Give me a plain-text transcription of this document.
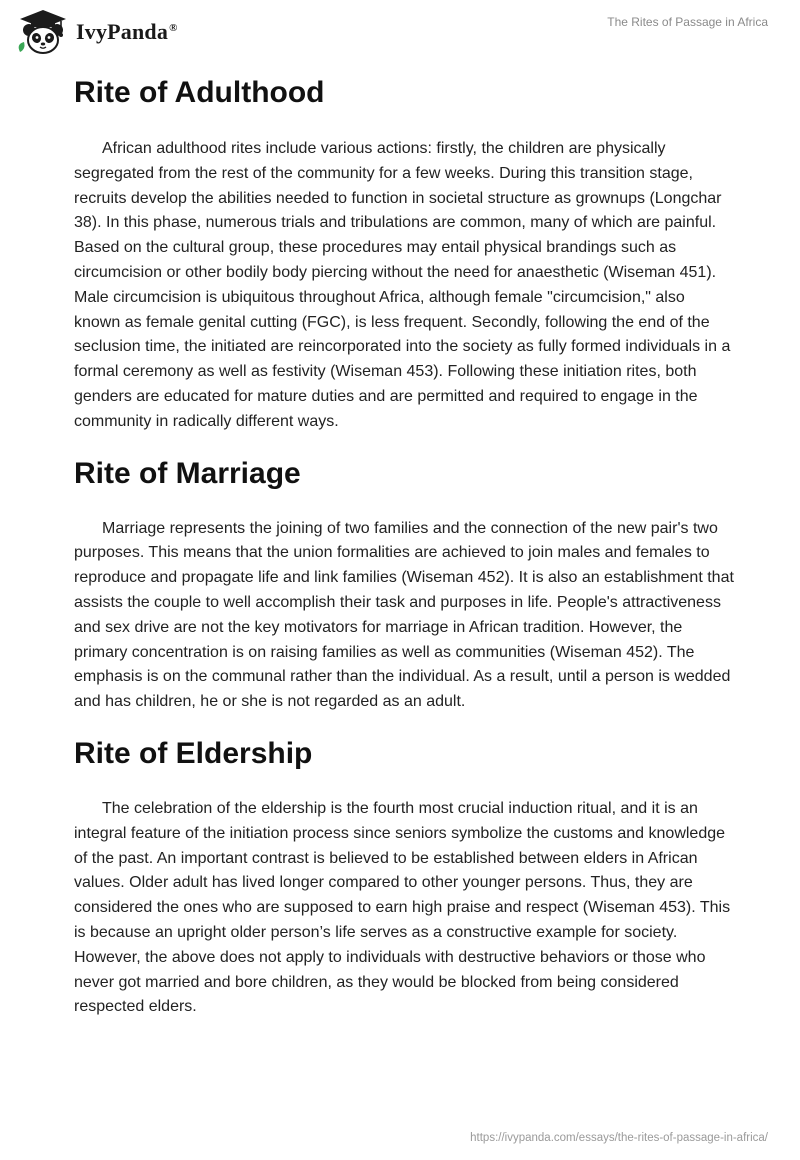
IvyPanda®	The Rites of Passage in Africa
Rite of Adulthood

African adulthood rites include various actions: firstly, the children are physically segregated from the rest of the community for a few weeks. During this transition stage, recruits develop the abilities needed to function in societal structure as grownups (Longchar 38). In this phase, numerous trials and tribulations are common, many of which are painful. Based on the cultural group, these procedures may entail physical brandings such as circumcision or other bodily body piercing without the need for anaesthetic (Wiseman 451). Male circumcision is ubiquitous throughout Africa, although female "circumcision," also known as female genital cutting (FGC), is less frequent. Secondly, following the end of the seclusion time, the initiated are reincorporated into the society as fully formed individuals in a formal ceremony as well as festivity (Wiseman 453). Following these initiation rites, both genders are educated for mature duties and are permitted and required to engage in the community in radically different ways.

Rite of Marriage

Marriage represents the joining of two families and the connection of the new pair's two purposes. This means that the union formalities are achieved to join males and females to reproduce and propagate life and link families (Wiseman 452). It is also an establishment that assists the couple to well accomplish their task and purposes in life. People's attractiveness and sex drive are not the key motivators for marriage in African tradition. However, the primary concentration is on raising families as well as communities (Wiseman 452). The emphasis is on the communal rather than the individual. As a result, until a person is wedded and has children, he or she is not regarded as an adult.

Rite of Eldership

The celebration of the eldership is the fourth most crucial induction ritual, and it is an integral feature of the initiation process since seniors symbolize the customs and knowledge of the past. An important contrast is believed to be established between elders in African values. Older adult has lived longer compared to other younger persons. Thus, they are considered the ones who are supposed to earn high praise and respect (Wiseman 453). This is because an upright older person’s life serves as a constructive example for society. However, the above does not apply to individuals with destructive behaviors or those who never got married and bore children, as they would be blocked from being considered respected elders.

https://ivypanda.com/essays/the-rites-of-passage-in-africa/
